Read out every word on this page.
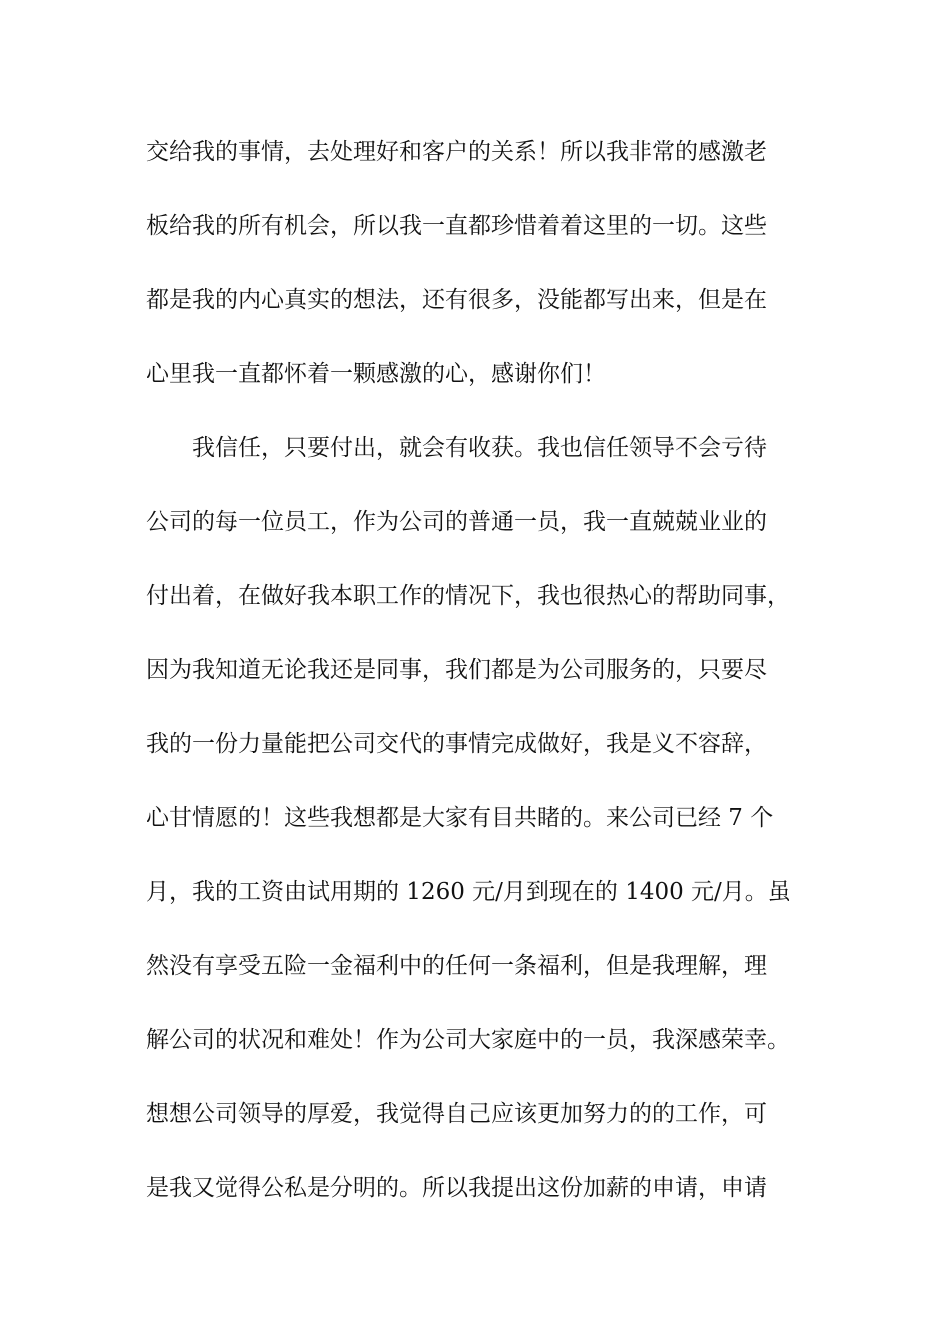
交给我的事情，去处理好和客户的关系！所以我非常的感激老
板给我的所有机会，所以我一直都珍惜着着这里的一切。这些
都是我的内心真实的想法，还有很多，没能都写出来，但是在
心里我一直都怀着一颗感激的心，感谢你们！
我信任，只要付出，就会有收获。我也信任领导不会亏待
公司的每一位员工，作为公司的普通一员，我一直兢兢业业的
付出着，在做好我本职工作的情况下，我也很热心的帮助同事，
因为我知道无论我还是同事，我们都是为公司服务的，只要尽
我的一份力量能把公司交代的事情完成做好，我是义不容辞，
心甘情愿的！这些我想都是大家有目共睹的。来公司已经 7 个
月，我的工资由试用期的 1260 元/月到现在的 1400 元/月。虽
然没有享受五险一金福利中的任何一条福利，但是我理解，理
解公司的状况和难处！作为公司大家庭中的一员，我深感荣幸。
想想公司领导的厚爱，我觉得自己应该更加努力的的工作，可
是我又觉得公私是分明的。所以我提出这份加薪的申请，申请
